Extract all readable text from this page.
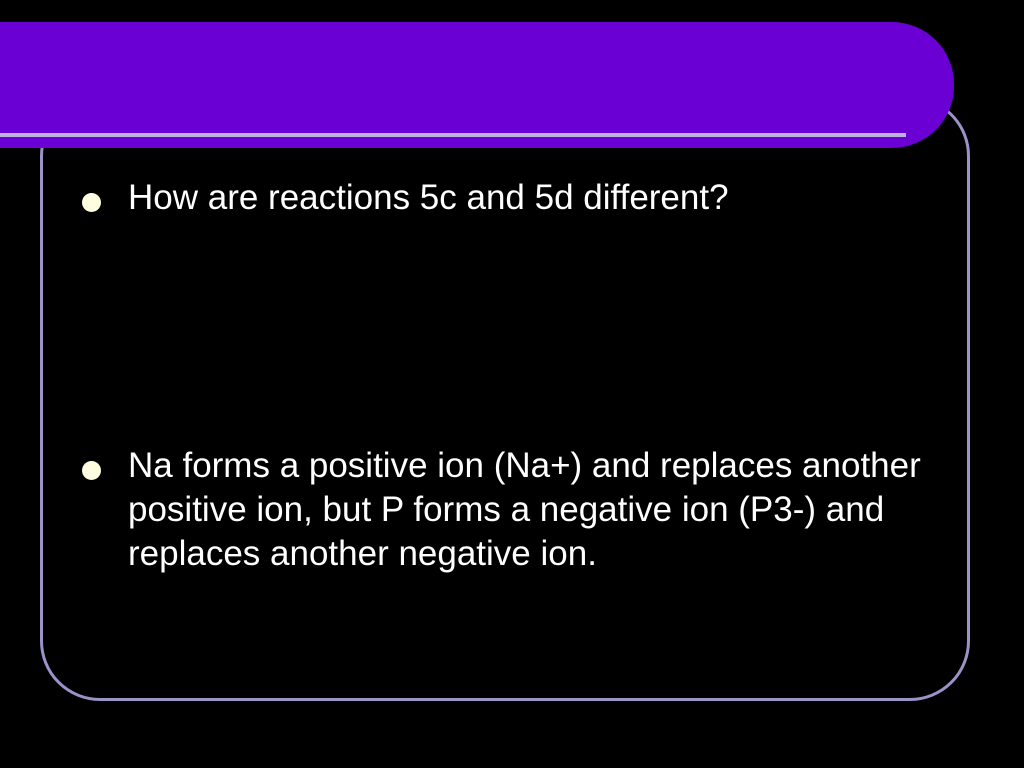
How are reactions 5c and 5d different?
Na forms a positive ion (Na+) and replaces another positive ion, but P forms a negative ion (P3-) and replaces another negative ion.
